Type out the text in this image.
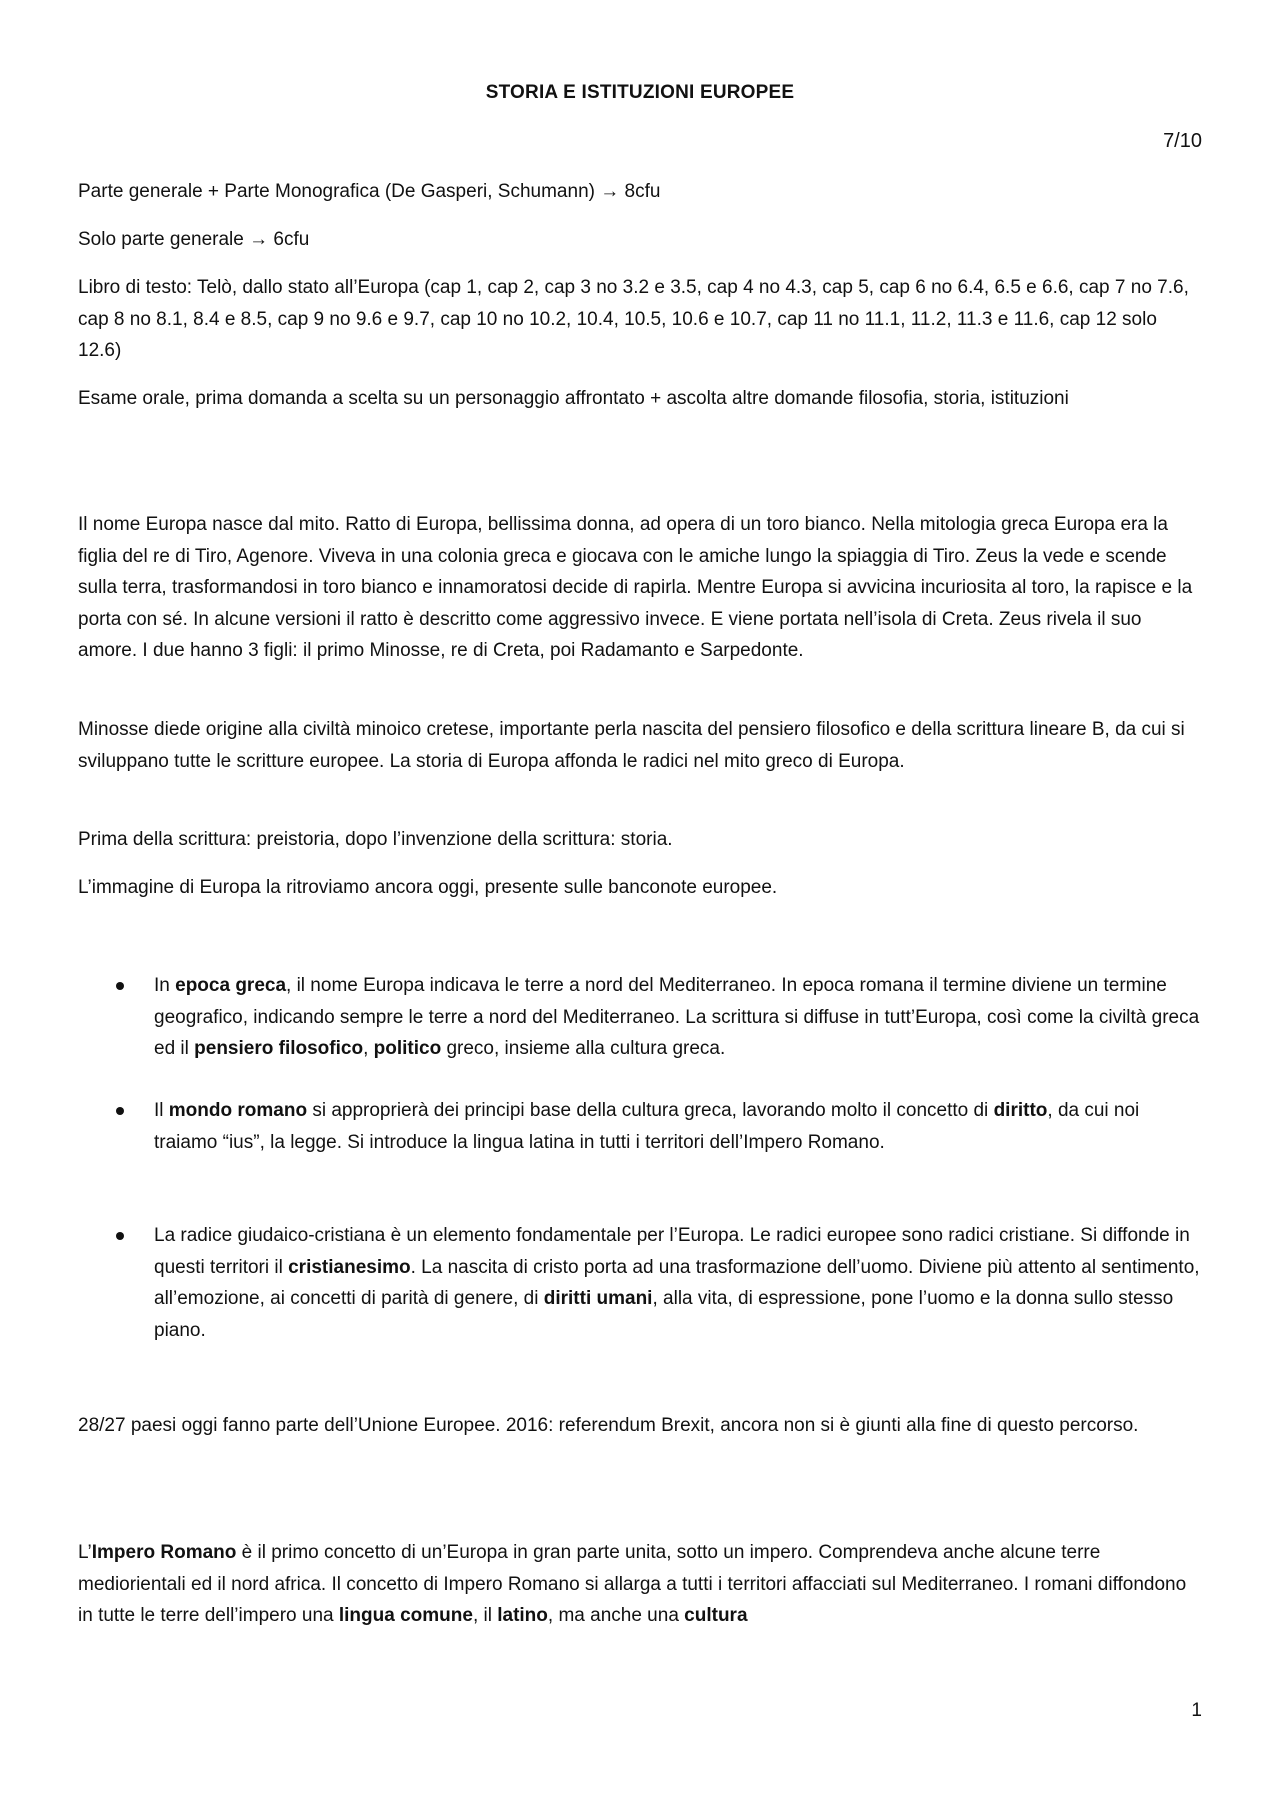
STORIA E ISTITUZIONI EUROPEE
7/10

Parte generale + Parte Monografica (De Gasperi, Schumann) → 8cfu

Solo parte generale → 6cfu

Libro di testo: Telò, dallo stato all’Europa (cap 1, cap 2, cap 3 no 3.2 e 3.5, cap 4 no 4.3, cap 5, cap 6 no 6.4, 6.5 e 6.6, cap 7 no 7.6, cap 8 no 8.1, 8.4 e 8.5, cap 9 no 9.6 e 9.7, cap 10 no 10.2, 10.4, 10.5, 10.6 e 10.7, cap 11 no 11.1, 11.2, 11.3 e 11.6, cap 12 solo 12.6)

Esame orale, prima domanda a scelta su un personaggio affrontato + ascolta altre domande filosofia, storia, istituzioni

Il nome Europa nasce dal mito. Ratto di Europa, bellissima donna, ad opera di un toro bianco. Nella mitologia greca Europa era la figlia del re di Tiro, Agenore. Viveva in una colonia greca e giocava con le amiche lungo la spiaggia di Tiro. Zeus la vede e scende sulla terra, trasformandosi in toro bianco e innamoratosi decide di rapirla. Mentre Europa si avvicina incuriosita al toro, la rapisce e la porta con sé. In alcune versioni il ratto è descritto come aggressivo invece. E viene portata nell’isola di Creta. Zeus rivela il suo amore. I due hanno 3 figli: il primo Minosse, re di Creta, poi Radamanto e Sarpedonte.

Minosse diede origine alla civiltà minoico cretese, importante perla nascita del pensiero filosofico e della scrittura lineare B, da cui si sviluppano tutte le scritture europee. La storia di Europa affonda le radici nel mito greco di Europa.

Prima della scrittura: preistoria, dopo l’invenzione della scrittura: storia.

L’immagine di Europa la ritroviamo ancora oggi, presente sulle banconote europee.

In epoca greca, il nome Europa indicava le terre a nord del Mediterraneo. In epoca romana il termine diviene un termine geografico, indicando sempre le terre a nord del Mediterraneo. La scrittura si diffuse in tutt’Europa, così come la civiltà greca ed il pensiero filosofico, politico greco, insieme alla cultura greca.
Il mondo romano si approprierà dei principi base della cultura greca, lavorando molto il concetto di diritto, da cui noi traiamo “ius”, la legge. Si introduce la lingua latina in tutti i territori dell’Impero Romano.
La radice giudaico-cristiana è un elemento fondamentale per l’Europa. Le radici europee sono radici cristiane. Si diffonde in questi territori il cristianesimo. La nascita di cristo porta ad una trasformazione dell’uomo. Diviene più attento al sentimento, all’emozione, ai concetti di parità di genere, di diritti umani, alla vita, di espressione, pone l’uomo e la donna sullo stesso piano.

28/27 paesi oggi fanno parte dell’Unione Europee. 2016: referendum Brexit, ancora non si è giunti alla fine di questo percorso.

L’Impero Romano è il primo concetto di un’Europa in gran parte unita, sotto un impero. Comprendeva anche alcune terre mediorientali ed il nord africa. Il concetto di Impero Romano si allarga a tutti i territori affacciati sul Mediterraneo. I romani diffondono in tutte le terre dell’impero una lingua comune, il latino, ma anche una cultura

1
